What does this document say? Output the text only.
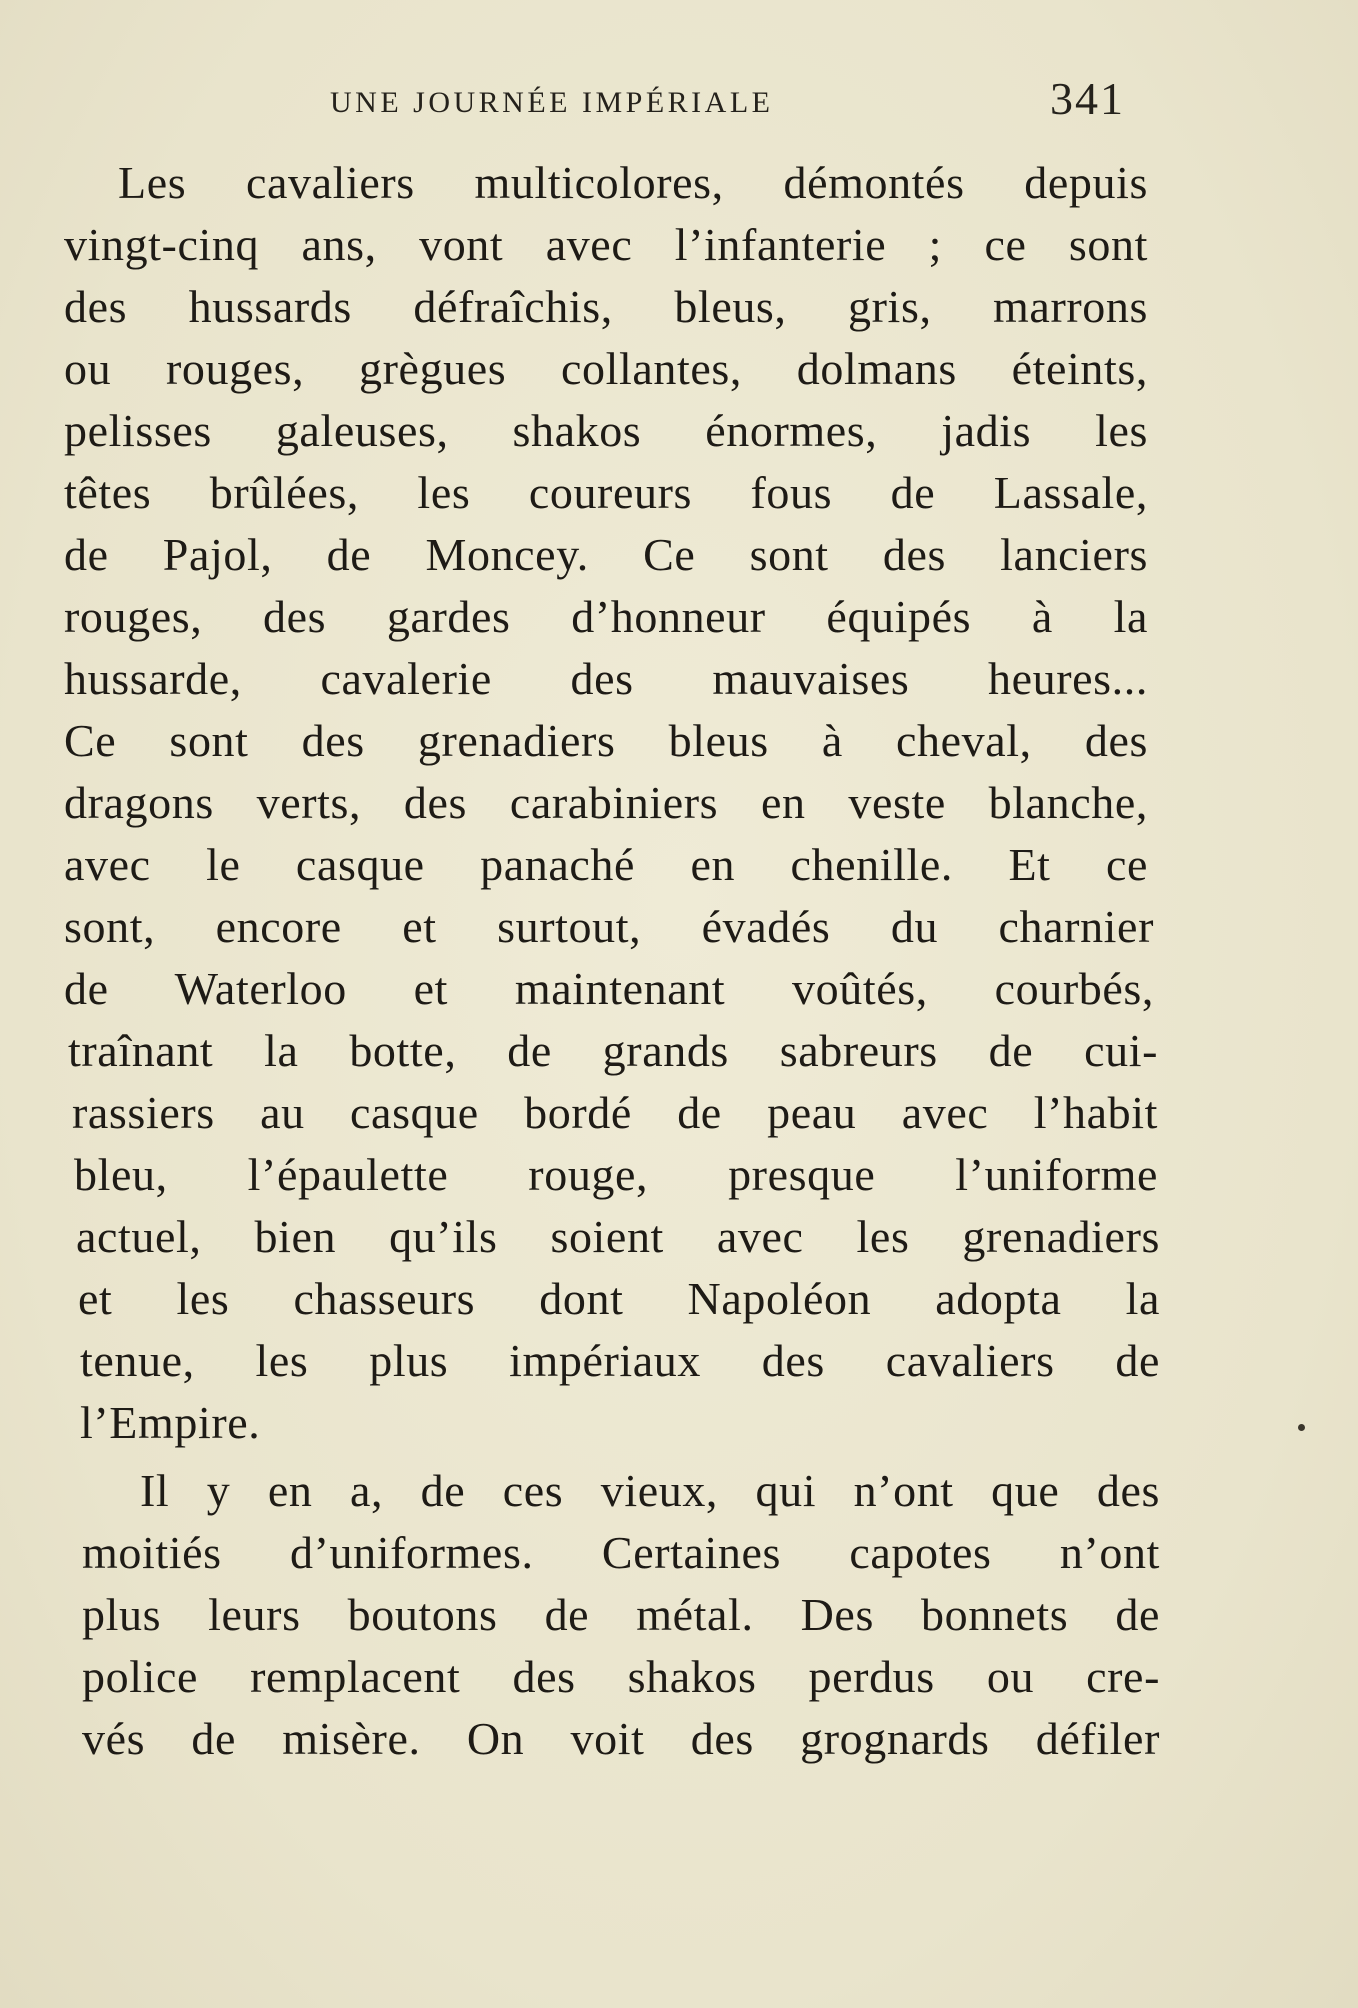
UNE JOURNÉE IMPÉRIALE	341
Les cavaliers multicolores, démontés depuis
vingt-cinq ans, vont avec l’infanterie ; ce sont
des hussards défraîchis, bleus, gris, marrons
ou rouges, grègues collantes, dolmans éteints,
pelisses galeuses, shakos énormes, jadis les
têtes brûlées, les coureurs fous de Lassale,
de Pajol, de Moncey. Ce sont des lanciers
rouges, des gardes d’honneur équipés à la
hussarde, cavalerie des mauvaises heures...
Ce sont des grenadiers bleus à cheval, des
dragons verts, des carabiniers en veste blanche,
avec le casque panaché en chenille. Et ce
sont, encore et surtout, évadés du charnier
de Waterloo et maintenant voûtés, courbés,
traînant la botte, de grands sabreurs de cui-
rassiers au casque bordé de peau avec l’habit
bleu, l’épaulette rouge, presque l’uniforme
actuel, bien qu’ils soient avec les grenadiers
et les chasseurs dont Napoléon adopta la
tenue, les plus impériaux des cavaliers de
l’Empire.
Il y en a, de ces vieux, qui n’ont que des
moitiés d’uniformes. Certaines capotes n’ont
plus leurs boutons de métal. Des bonnets de
police remplacent des shakos perdus ou cre-
vés de misère. On voit des grognards défiler
